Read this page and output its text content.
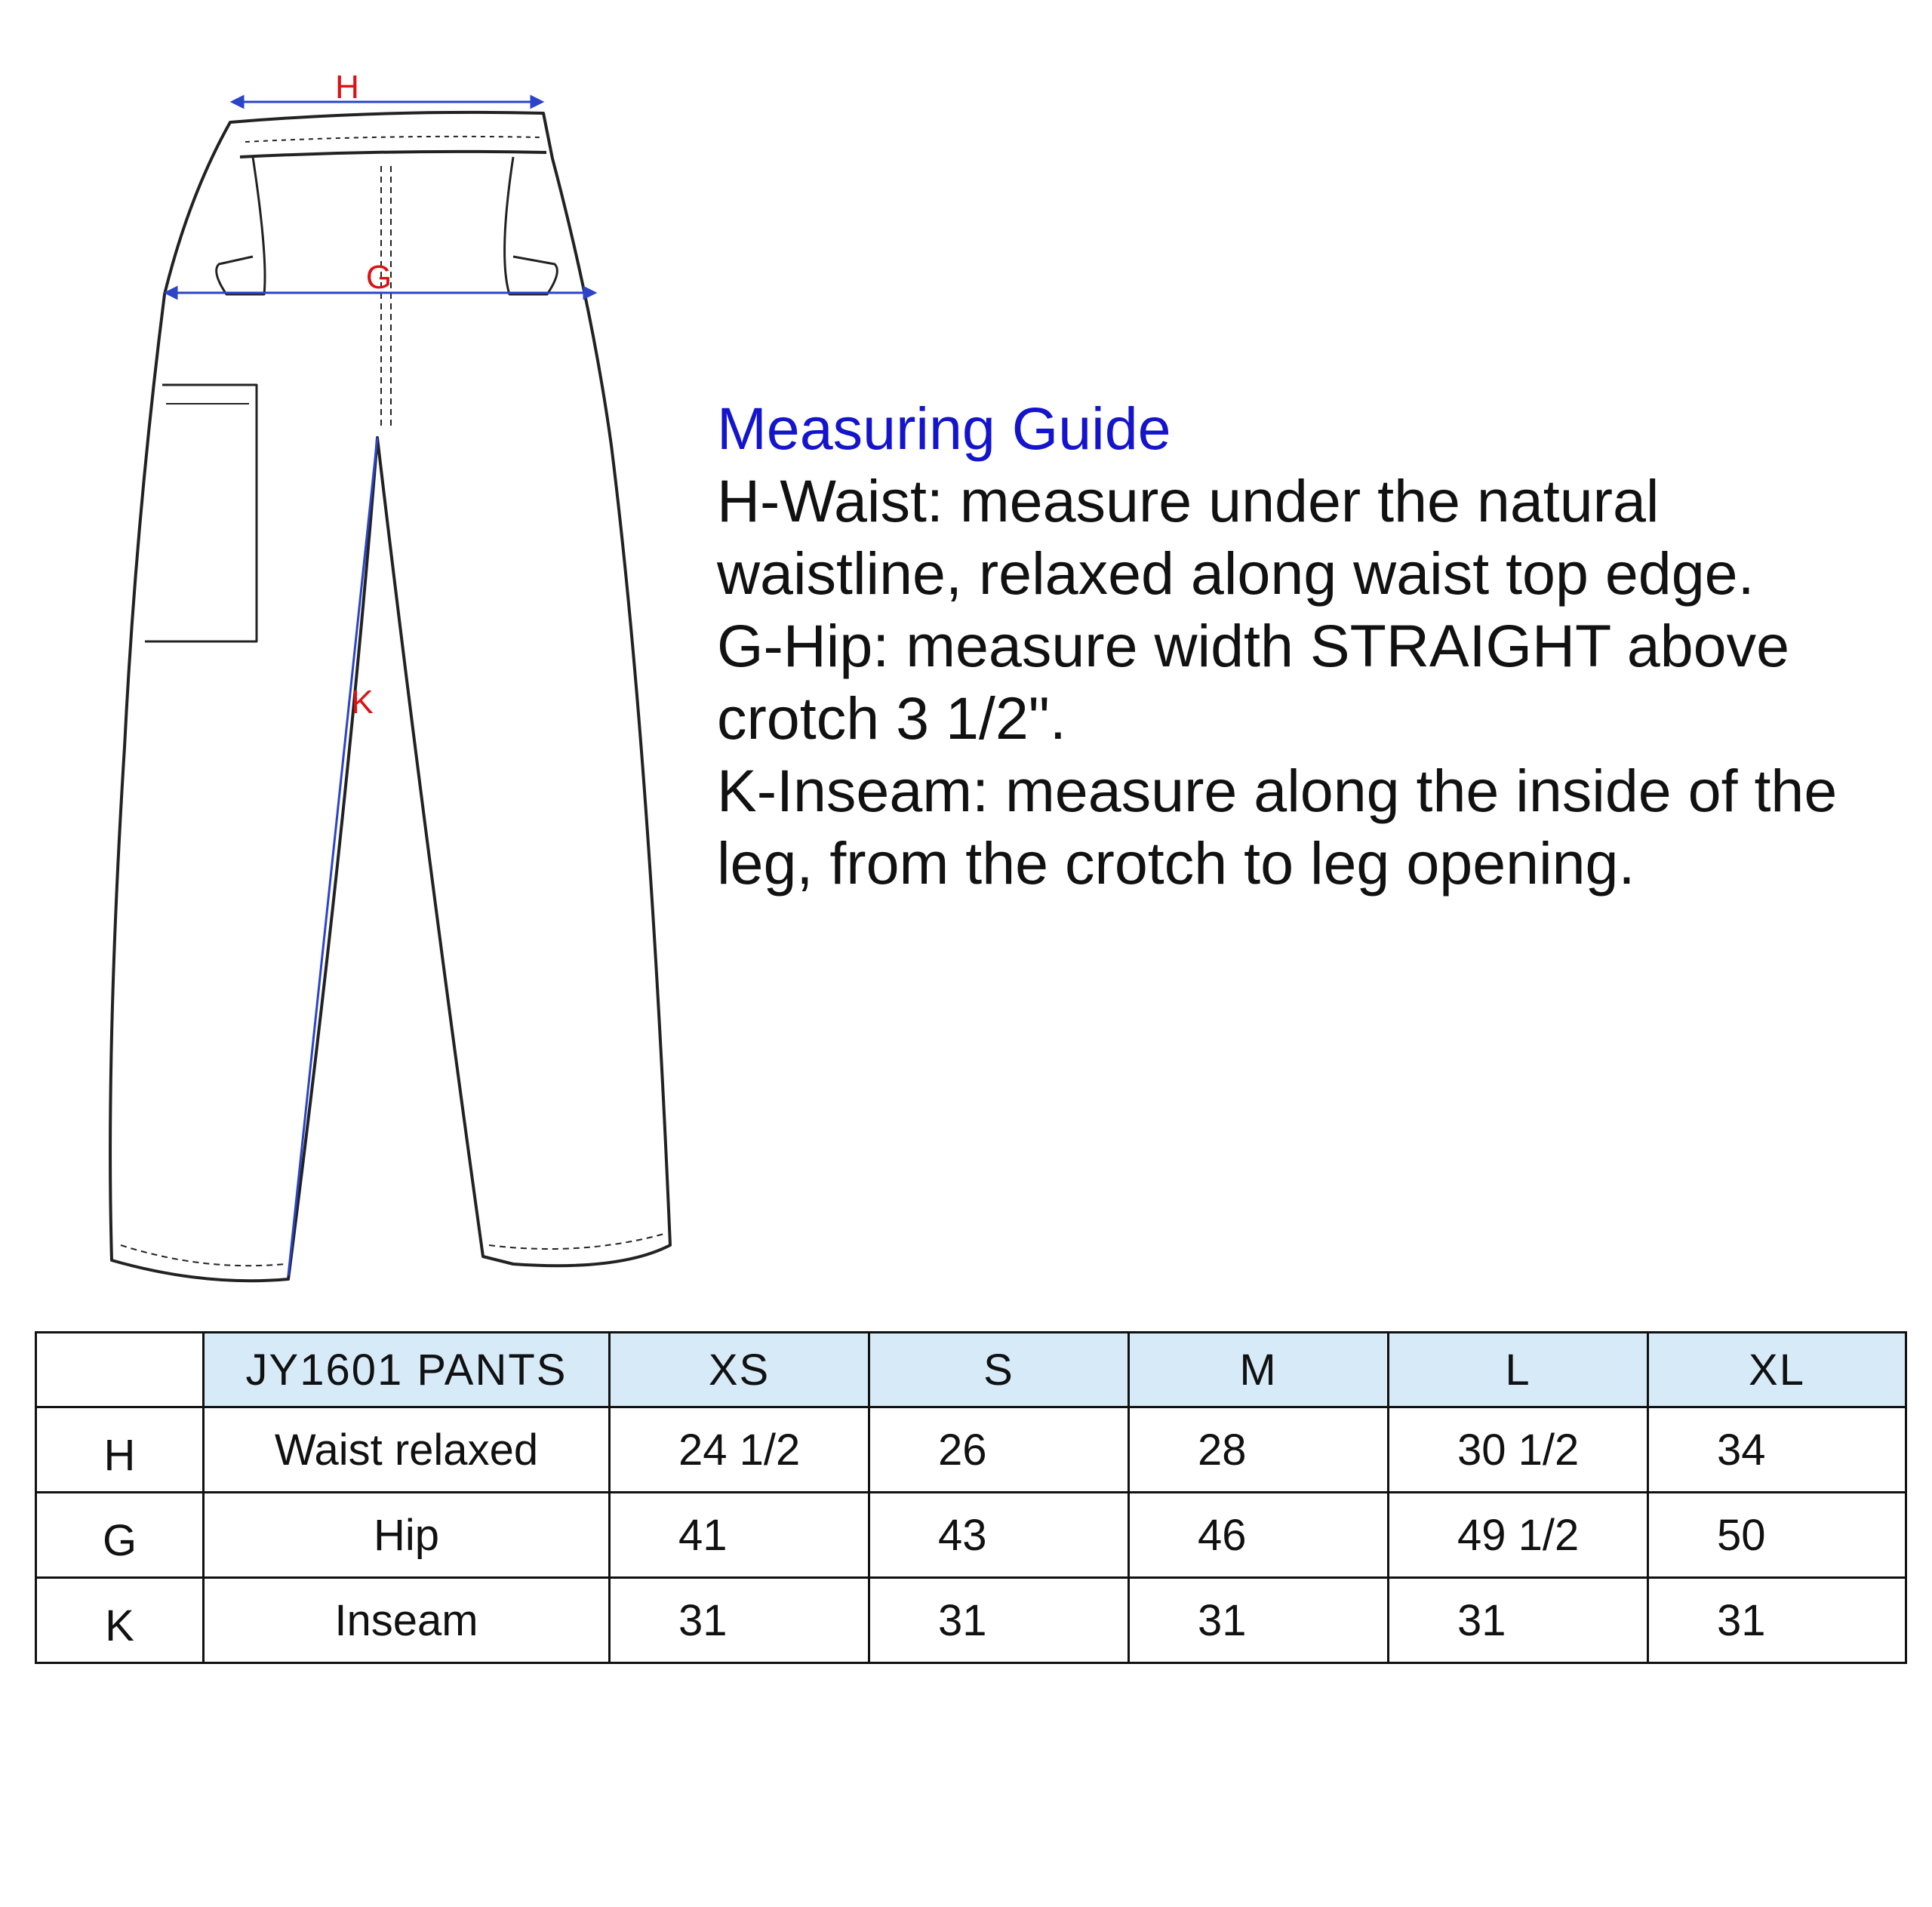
H
G
K

Measuring Guide

H-Waist: measure under the natural

waistline, relaxed along waist top edge.

G-Hip: measure width STRAIGHT above

crotch 3 1/2".

K-Inseam: measure along the inside of the

leg, from the crotch to leg opening.

	JY1601 PANTS	XS	S	M	L	XL
H	Waist relaxed	24 1/2	26	28	30 1/2	34
G	Hip	41	43	46	49 1/2	50
K	Inseam	31	31	31	31	31
